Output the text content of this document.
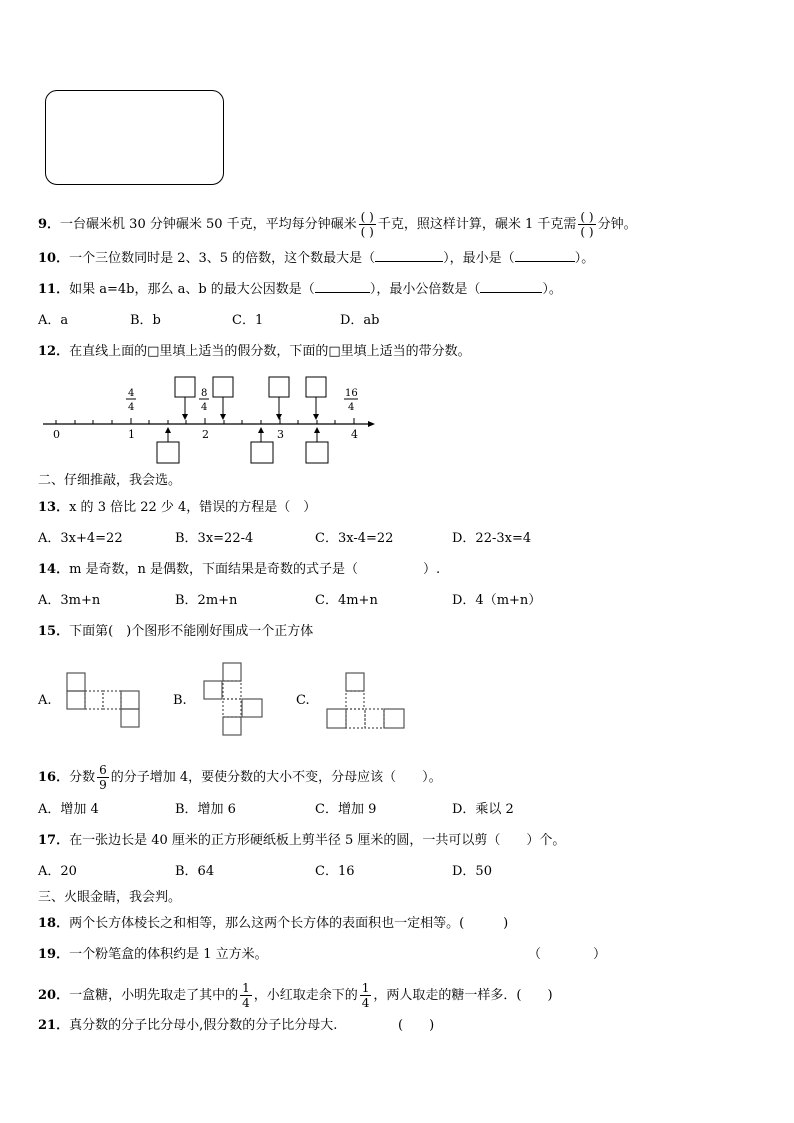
9．一台碾米机 30 分钟碾米 50 千克，平均每分钟碾米 $\frac{( )}{( )}$ 千克，照这样计算，碾米 1 千克需 $\frac{( )}{( )}$ 分钟。
10．一个三位数同时是 2、3、5 的倍数，这个数最大是（	），最小是（	）。
11．如果 a=4b，那么 a、b 的最大公因数是（	），最小公倍数是（	）。
A．a	B．b	C．1	D．ab
12．在直线上面的□里填上适当的假分数，下面的□里填上适当的带分数。
0	1	2	3	4
4
4
8
4
16
4
二、仔细推敲，我会选。
13．x 的 3 倍比 22 少 4，错误的方程是（　）
A．3x+4=22	B．3x=22-4	C．3x-4=22	D．22-3x=4
14．m 是奇数，n 是偶数，下面结果是奇数的式子是（　　　　　）.
A．3m+n	B．2m+n	C．4m+n	D．4（m+n）
15．下面第(　)个图形不能刚好围成一个正方体
A.	B.	C.
16．分数 $\frac{6}{9}$ 的分子增加 4，要使分数的大小不变，分母应该（　　）。
A．增加 4	B．增加 6	C．增加 9	D．乘以 2
17．在一张边长是 40 厘米的正方形硬纸板上剪半径 5 厘米的圆，一共可以剪（　　）个。
A．20	B．64	C．16	D．50
三、火眼金睛，我会判。
18．两个长方体棱长之和相等，那么这两个长方体的表面积也一定相等。(　　　)
19．一个粉笔盒的体积约是 1 立方米。	（　　　　）
20．一盒糖，小明先取走了其中的 $\frac{1}{4}$ ，小红取走余下的 $\frac{1}{4}$ ，两人取走的糖一样多．(　　)
21．真分数的分子比分母小,假分数的分子比分母大.	(　　)
